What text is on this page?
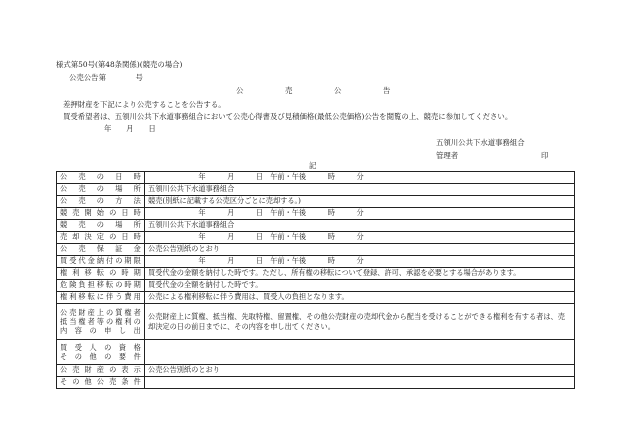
様式第50号(第48条関係)(競売の場合)
公売公告第　　　　号
公	売	公	告
差押財産を下記により公売することを公告する。
買受希望者は、五領川公共下水道事務組合において公売心得書及び見積価格(最低公売価格)公告を閲覧の上、競売に参加してください。
年　　月　　日
五領川公共下水道事務組合
管理者	印
記
公売の日時	　　　　　　　年　　　月　　　日　午前・午後　　　時　　　分
公売の場所	五領川公共下水道事務組合
公売の方法	競売(別紙に記載する公売区分ごとに売却する。)
競売開始の日時	　　　　　　　年　　　月　　　日　午前・午後　　　時　　　分
競売の場所	五領川公共下水道事務組合
売却決定の日時	　　　　　　　年　　　月　　　日　午前・午後　　　時　　　分
公売保証金	公売公告別紙のとおり
買受代金納付の期限	　　　　　　　年　　　月　　　日　午前・午後　　　時　　　分
権利移転の時期	買受代金の金額を納付した時です。ただし、所有権の移転について登録、許可、承認を必要とする場合があります。
危険負担移転の時期	買受代金の全額を納付した時です。
権利移転に伴う費用	公売による権利移転に伴う費用は、買受人の負担となります。

公売財産上の質権者
抵当権者等の権利の
内容の申し出	公売財産上に質権、抵当権、先取特権、留置権、その他公売財産の売却代金から配当を受けることができる権利を有する者は、売却決定の日の前日までに、その内容を申し出てください。

買受人の資格
その他の要件	

公売財産の表示	公売公告別紙のとおり
その他公売条件	
